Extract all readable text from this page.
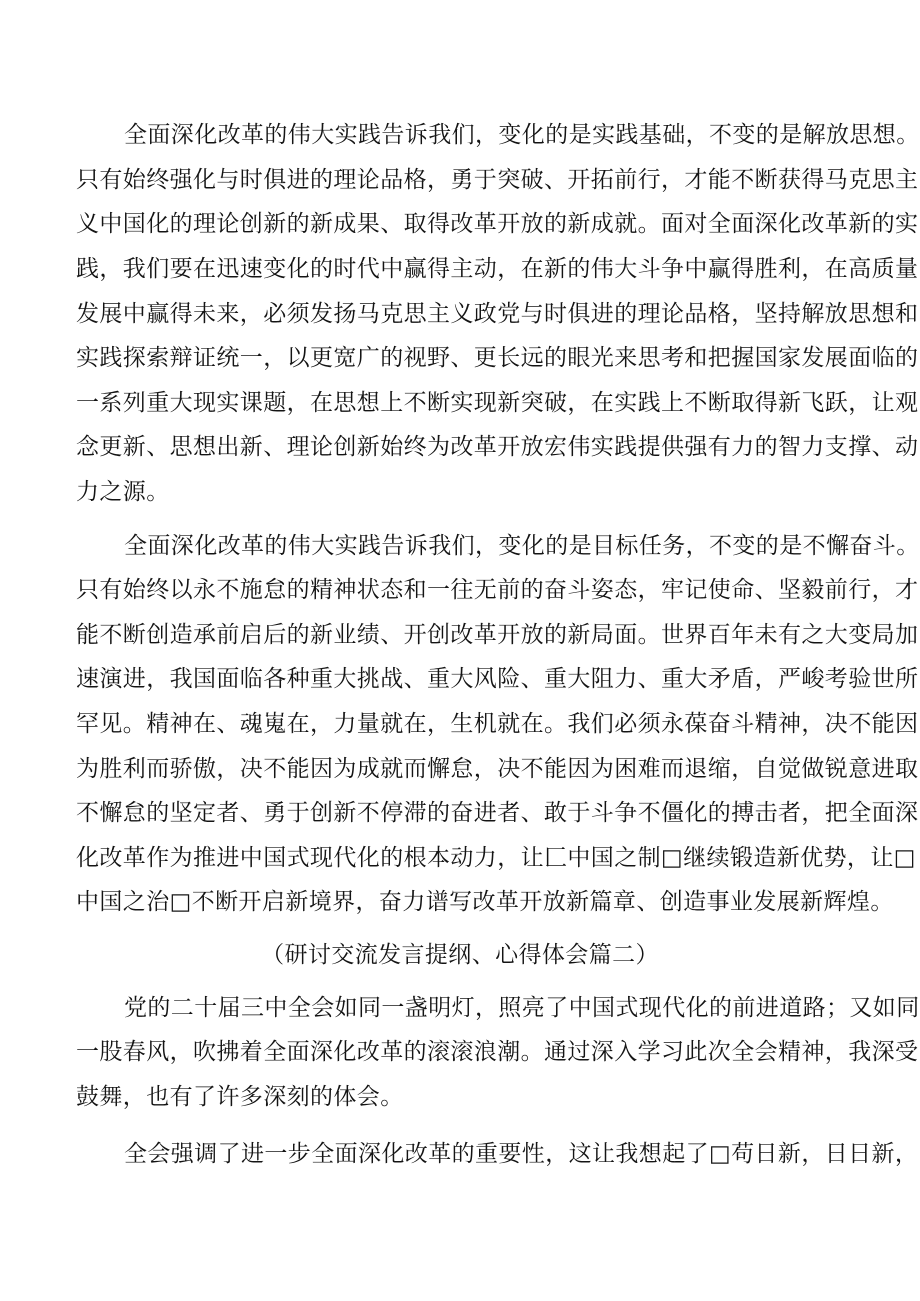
全面深化改革的伟大实践告诉我们，变化的是实践基础，不变的是解放思想。
只有始终强化与时俱进的理论品格，勇于突破、开拓前行，才能不断获得马克思主
义中国化的理论创新的新成果、取得改革开放的新成就。面对全面深化改革新的实
践，我们要在迅速变化的时代中赢得主动，在新的伟大斗争中赢得胜利，在高质量
发展中赢得未来，必须发扬马克思主义政党与时俱进的理论品格，坚持解放思想和
实践探索辩证统一，以更宽广的视野、更长远的眼光来思考和把握国家发展面临的
一系列重大现实课题，在思想上不断实现新突破，在实践上不断取得新飞跃，让观
念更新、思想出新、理论创新始终为改革开放宏伟实践提供强有力的智力支撑、动
力之源。
全面深化改革的伟大实践告诉我们，变化的是目标任务，不变的是不懈奋斗。
只有始终以永不施怠的精神状态和一往无前的奋斗姿态，牢记使命、坚毅前行，才
能不断创造承前启后的新业绩、开创改革开放的新局面。世界百年未有之大变局加
速演进，我国面临各种重大挑战、重大风险、重大阻力、重大矛盾，严峻考验世所
罕见。精神在、魂嵬在，力量就在，生机就在。我们必须永葆奋斗精神，决不能因
为胜利而骄傲，决不能因为成就而懈怠，决不能因为困难而退缩，自觉做锐意进取
不懈怠的坚定者、勇于创新不停滞的奋进者、敢于斗争不僵化的搏击者，把全面深
化改革作为推进中国式现代化的根本动力，让匚中国之制□继续锻造新优势，让□
中国之治□不断开启新境界，奋力谱写改革开放新篇章、创造事业发展新辉煌。
（研讨交流发言提纲、心得体会篇二）
党的二十届三中全会如同一盏明灯，照亮了中国式现代化的前进道路；又如同
一股春风，吹拂着全面深化改革的滚滚浪潮。通过深入学习此次全会精神，我深受
鼓舞，也有了许多深刻的体会。
全会强调了进一步全面深化改革的重要性，这让我想起了□苟日新，日日新，
